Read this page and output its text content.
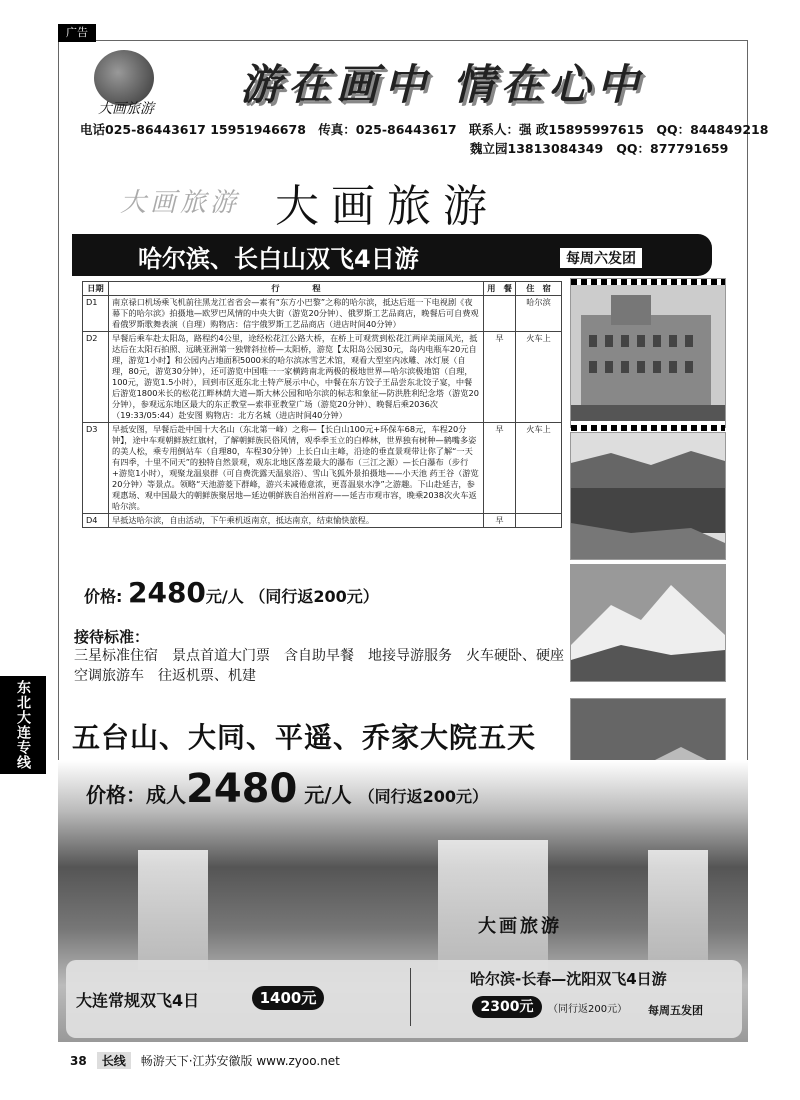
广告
大画旅游	游在画中 情在心中
电话025-86443617 15951946678 传真：025-86443617 联系人：强 政15895997615 QQ：844849218
魏立园13813084349 QQ：877791659
大画旅游 大画旅游
哈尔滨、长白山双飞4日游	每周六发团
日期	行　　　　程	用　餐	住　宿
D1	南京禄口机场乘飞机前往黑龙江省省会—素有“东方小巴黎”之称的哈尔滨，抵达后逛一下电视剧《夜幕下的哈尔滨》拍摄地—欧罗巴风情的中央大街（游览20分钟）、俄罗斯工艺品商店，晚餐后可自费观看俄罗斯歌舞表演（自理）购物店：信宇俄罗斯工艺品商店（进店时间40分钟）		哈尔滨
D2	早餐后乘车赴太阳岛，路程约4公里，途经松花江公路大桥，在桥上可观赏到松花江两岸美丽风光，抵达后在太阳石拍照、远眺亚洲第一独臂斜拉桥—太阳桥，游览【太阳岛公园30元，岛内电瓶车20元自理，游览1小时】和公园内占地面积5000米的哈尔滨冰雪艺术馆，观看大型室内冰雕、冰灯展（自理，80元，游览30分钟），还可游览中国唯一一家横跨南北两极的极地世界—哈尔滨极地馆（自理，100元，游览1.5小时），回到市区逛东北土特产展示中心，中餐在东方饺子王品尝东北饺子宴，中餐后游览1800米长的松花江畔林荫大道—斯大林公园和哈尔滨的标志和象征—防洪胜利纪念塔（游览20分钟），参观远东地区最大的东正教堂—索菲亚教堂广场（游览20分钟）、晚餐后乘2036次（19:33/05:44）赴安图 购物店：北方名城（进店时间40分钟）	早	火车上
D3	早抵安图，早餐后赴中国十大名山（东北第一峰）之称—【长白山100元+环保车68元，车程20分钟】，途中车观朝鲜族红旗村，了解朝鲜族民俗风情，观季季玉立的白桦林，世界独有树种—鹤嘴多姿的美人松，乘专用倒站车（自理80，车程30分钟）上长白山主峰，沿途的垂直景观带让你了解“一天有四季，十里不同天”的独特自然景观，观东北地区落差最大的瀑布（三江之源）—长白瀑布（步行+游览1小时），观聚龙温泉群（可自费洗露天温泉浴）、雪山飞狐外景拍摄地——小天池 药王谷（游览20分钟）等景点。领略“天池游菱下群峰，游兴未减倦意浓，更喜温泉水净”之游趣。下山赴延吉，参观惠场、观中国最大的朝鲜族聚居地—延边朝鲜族自治州首府——延吉市观市容，晚乘2038次火车返哈尔滨。	早	火车上
D4	早抵达哈尔滨，自由活动，下午乘机返南京，抵达南京，结束愉快旅程。	早	
价格: 2480元/人 （同行返200元）
接待标准：
三星标准住宿　景点首道大门票　含自助早餐　地接导游服务　火车硬卧、硬座空调旅游车　往返机票、机建
东北大连专线	五台山、大同、平遥、乔家大院五天
价格：成人2480 元/人 （同行返200元）
大画旅游
大连常规双飞4日	1400元
哈尔滨-长春—沈阳双飞4日游
2300元	（同行返200元） 每周五发团
38	长线	畅游天下·江苏安徽版 www.zyoo.net
